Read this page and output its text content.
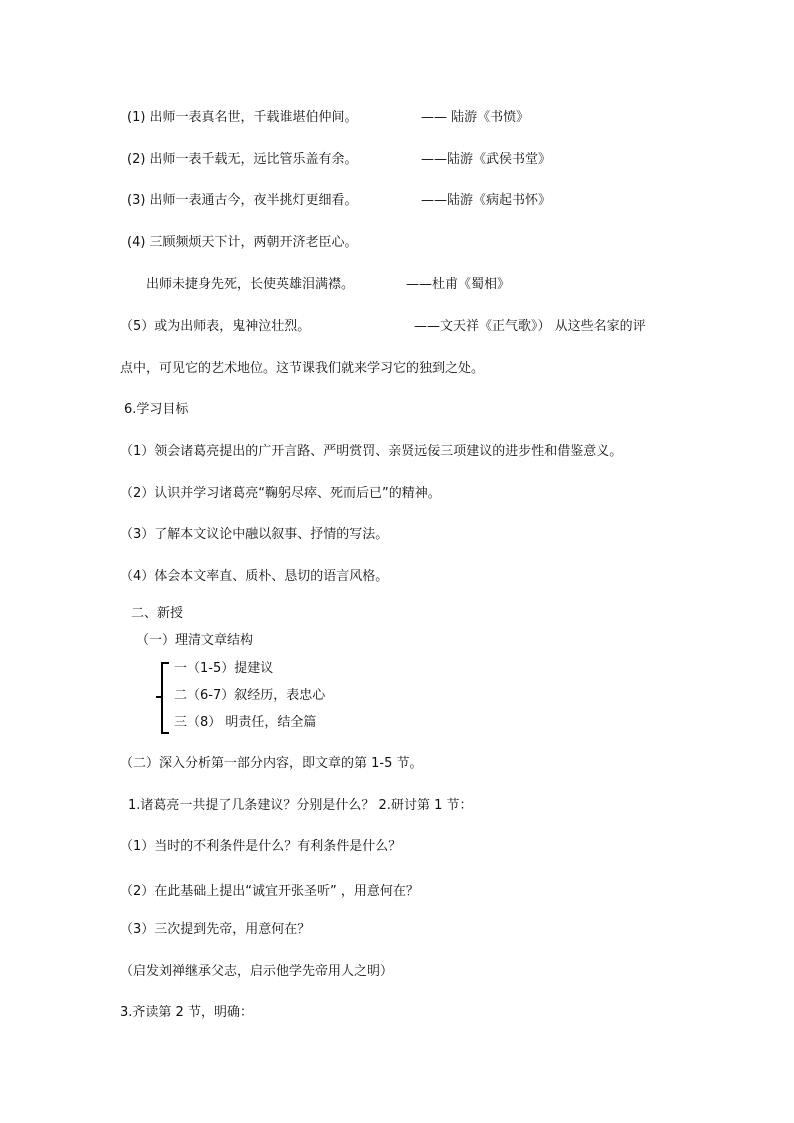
(1) 出师一表真名世，千载谁堪伯仲间。	—— 陆游《书愤》
(2) 出师一表千载无，远比管乐盖有余。	——陆游《武侯书堂》
(3) 出师一表通古今，夜半挑灯更细看。	——陆游《病起书怀》
(4) 三顾频烦天下计，两朝开济老臣心。
出师未捷身先死，长使英雄泪满襟。	——杜甫《蜀相》
（5）或为出师表，鬼神泣壮烈。	——文天祥《正气歌》） 从这些名家的评
点中，可见它的艺术地位。这节课我们就来学习它的独到之处。
6.学习目标
（1）领会诸葛亮提出的广开言路、严明赏罚、亲贤远佞三项建议的进步性和借鉴意义。
（2）认识并学习诸葛亮“鞠躬尽瘁、死而后已”的精神。
（3）了解本文议论中融以叙事、抒情的写法。
（4）体会本文率直、质朴、恳切的语言风格。
二、新授
（一）理清文章结构
一（1-5）提建议
二（6-7）叙经历，表忠心
三（8） 明责任，结全篇
（二）深入分析第一部分内容，即文章的第 1-5 节。
1.诸葛亮一共提了几条建议？分别是什么？ 2.研讨第 1 节：
（1）当时的不利条件是什么？有利条件是什么？
（2）在此基础上提出“诚宜开张圣听” ，用意何在？
（3）三次提到先帝，用意何在？
（启发刘禅继承父志，启示他学先帝用人之明）
3.齐读第 2 节，明确：
